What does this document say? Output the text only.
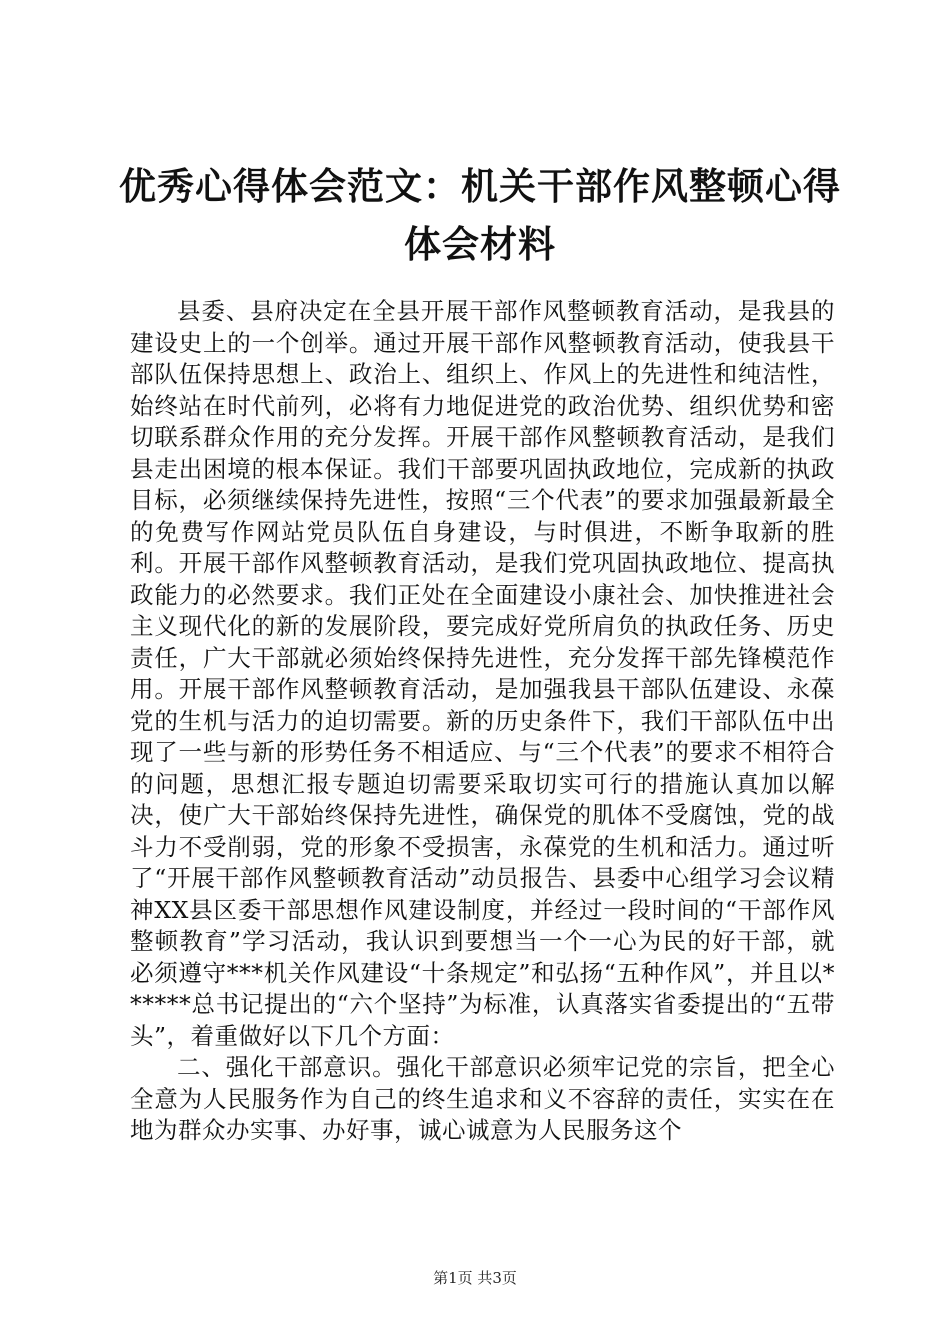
优秀心得体会范文：机关干部作风整顿心得体会材料

县委、县府决定在全县开展干部作风整顿教育活动，是我县的建设史上的一个创举。通过开展干部作风整顿教育活动，使我县干部队伍保持思想上、政治上、组织上、作风上的先进性和纯洁性，始终站在时代前列，必将有力地促进党的政治优势、组织优势和密切联系群众作用的充分发挥。开展干部作风整顿教育活动，是我们县走出困境的根本保证。我们干部要巩固执政地位，完成新的执政目标，必须继续保持先进性，按照“三个代表”的要求加强最新最全的免费写作网站党员队伍自身建设，与时俱进，不断争取新的胜利。开展干部作风整顿教育活动，是我们党巩固执政地位、提高执政能力的必然要求。我们正处在全面建设小康社会、加快推进社会主义现代化的新的发展阶段，要完成好党所肩负的执政任务、历史责任，广大干部就必须始终保持先进性，充分发挥干部先锋模范作用。开展干部作风整顿教育活动，是加强我县干部队伍建设、永葆党的生机与活力的迫切需要。新的历史条件下，我们干部队伍中出现了一些与新的形势任务不相适应、与“三个代表”的要求不相符合的问题，思想汇报专题迫切需要采取切实可行的措施认真加以解决，使广大干部始终保持先进性，确保党的肌体不受腐蚀，党的战斗力不受削弱，党的形象不受损害，永葆党的生机和活力。通过听了“开展干部作风整顿教育活动”动员报告、县委中心组学习会议精神XX县区委干部思想作风建设制度，并经过一段时间的“干部作风整顿教育”学习活动，我认识到要想当一个一心为民的好干部，就必须遵守***机关作风建设“十条规定”和弘扬“五种作风”，并且以******总书记提出的“六个坚持”为标准，认真落实省委提出的“五带头”，着重做好以下几个方面：

二、强化干部意识。强化干部意识必须牢记党的宗旨，把全心全意为人民服务作为自己的终生追求和义不容辞的责任，实实在在地为群众办实事、办好事，诚心诚意为人民服务这个

第1页 共3页
